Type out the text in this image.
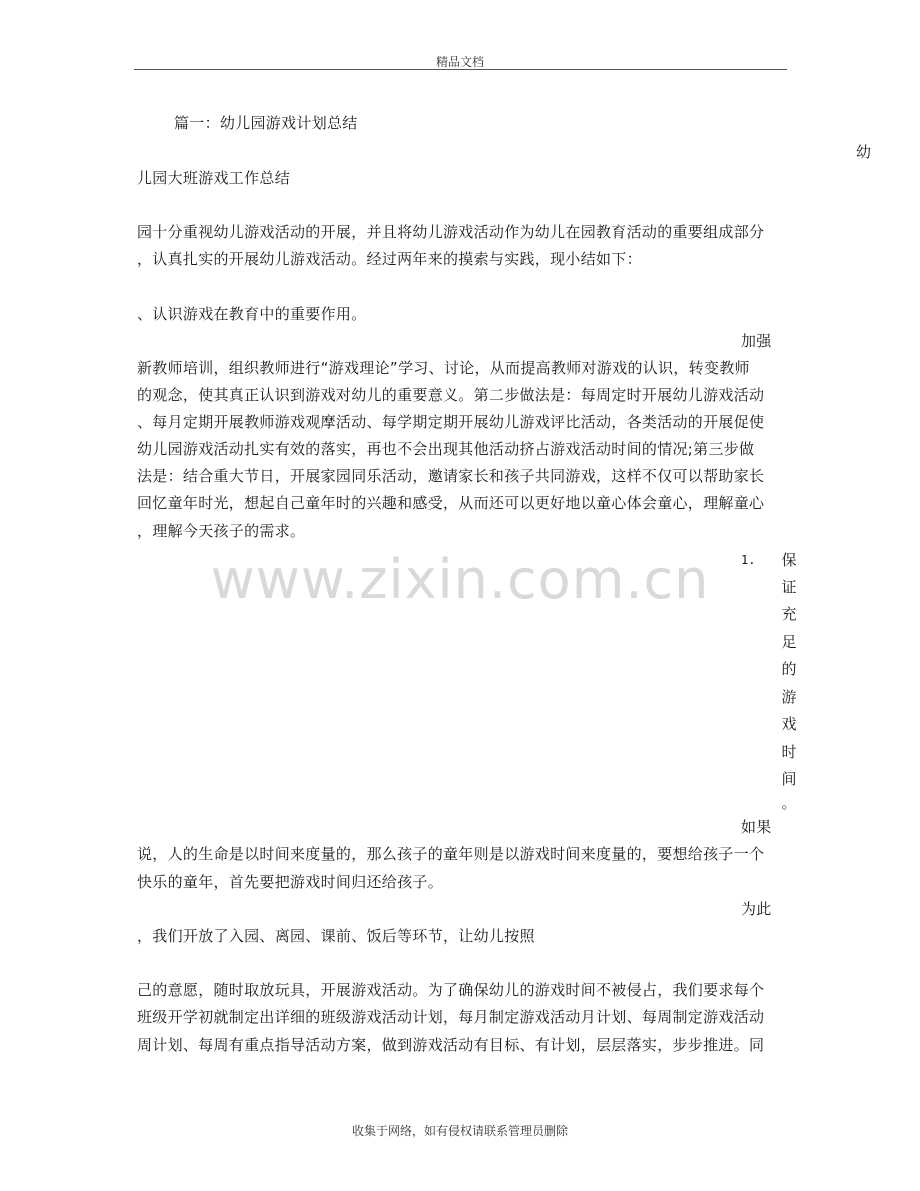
精品文档
www.zixin.com.cn
篇一：幼儿园游戏计划总结
幼
儿园大班游戏工作总结
园十分重视幼儿游戏活动的开展，并且将幼儿游戏活动作为幼儿在园教育活动的重要组成部分
，认真扎实的开展幼儿游戏活动。经过两年来的摸索与实践，现小结如下：
、认识游戏在教育中的重要作用。
加强
新教师培训，组织教师进行“游戏理论”学习、讨论，从而提高教师对游戏的认识，转变教师
的观念，使其真正认识到游戏对幼儿的重要意义。第二步做法是：每周定时开展幼儿游戏活动
、每月定期开展教师游戏观摩活动、每学期定期开展幼儿游戏评比活动，各类活动的开展促使
幼儿园游戏活动扎实有效的落实，再也不会出现其他活动挤占游戏活动时间的情况;第三步做
法是：结合重大节日，开展家园同乐活动，邀请家长和孩子共同游戏，这样不仅可以帮助家长
回忆童年时光，想起自己童年时的兴趣和感受，从而还可以更好地以童心体会童心，理解童心
，理解今天孩子的需求。
1. 保
证
充
足
的
游
戏
时
间
。
如果
说，人的生命是以时间来度量的，那么孩子的童年则是以游戏时间来度量的，要想给孩子一个
快乐的童年，首先要把游戏时间归还给孩子。
为此
，我们开放了入园、离园、课前、饭后等环节，让幼儿按照
己的意愿，随时取放玩具，开展游戏活动。为了确保幼儿的游戏时间不被侵占，我们要求每个
班级开学初就制定出详细的班级游戏活动计划，每月制定游戏活动月计划、每周制定游戏活动
周计划、每周有重点指导活动方案，做到游戏活动有目标、有计划，层层落实，步步推进。同
收集于网络，如有侵权请联系管理员删除
